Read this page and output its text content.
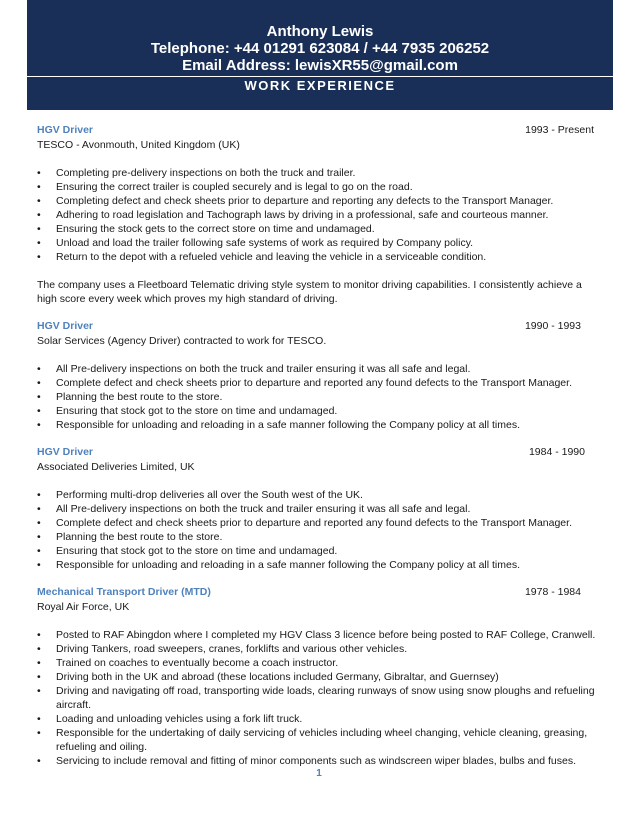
Anthony Lewis
Telephone: +44 01291 623084 / +44 7935 206252
Email Address: lewisXR55@gmail.com
WORK EXPERIENCE
HGV Driver	1993 - Present
TESCO - Avonmouth, United Kingdom (UK)
• Completing pre-delivery inspections on both the truck and trailer.
• Ensuring the correct trailer is coupled securely and is legal to go on the road.
• Completing defect and check sheets prior to departure and reporting any defects to the Transport Manager.
• Adhering to road legislation and Tachograph laws by driving in a professional, safe and courteous manner.
• Ensuring the stock gets to the correct store on time and undamaged.
• Unload and load the trailer following safe systems of work as required by Company policy.
• Return to the depot with a refueled vehicle and leaving the vehicle in a serviceable condition.
The company uses a Fleetboard Telematic driving style system to monitor driving capabilities. I consistently achieve a high score every week which proves my high standard of driving.
HGV Driver	1990 - 1993
Solar Services (Agency Driver) contracted to work for TESCO.
• All Pre-delivery inspections on both the truck and trailer ensuring it was all safe and legal.
• Complete defect and check sheets prior to departure and reported any found defects to the Transport Manager.
• Planning the best route to the store.
• Ensuring that stock got to the store on time and undamaged.
• Responsible for unloading and reloading in a safe manner following the Company policy at all times.
HGV Driver	1984 - 1990
Associated Deliveries Limited, UK
• Performing multi-drop deliveries all over the South west of the UK.
• All Pre-delivery inspections on both the truck and trailer ensuring it was all safe and legal.
• Complete defect and check sheets prior to departure and reported any found defects to the Transport Manager.
• Planning the best route to the store.
• Ensuring that stock got to the store on time and undamaged.
• Responsible for unloading and reloading in a safe manner following the Company policy at all times.
Mechanical Transport Driver (MTD)	1978 - 1984
Royal Air Force, UK
• Posted to RAF Abingdon where I completed my HGV Class 3 licence before being posted to RAF College, Cranwell.
• Driving Tankers, road sweepers, cranes, forklifts and various other vehicles.
• Trained on coaches to eventually become a coach instructor.
• Driving both in the UK and abroad (these locations included Germany, Gibraltar, and Guernsey)
• Driving and navigating off road, transporting wide loads, clearing runways of snow using snow ploughs and refueling aircraft.
• Loading and unloading vehicles using a fork lift truck.
• Responsible for the undertaking of daily servicing of vehicles including wheel changing, vehicle cleaning, greasing, refueling and oiling.
• Servicing to include removal and fitting of minor components such as windscreen wiper blades, bulbs and fuses.
1
